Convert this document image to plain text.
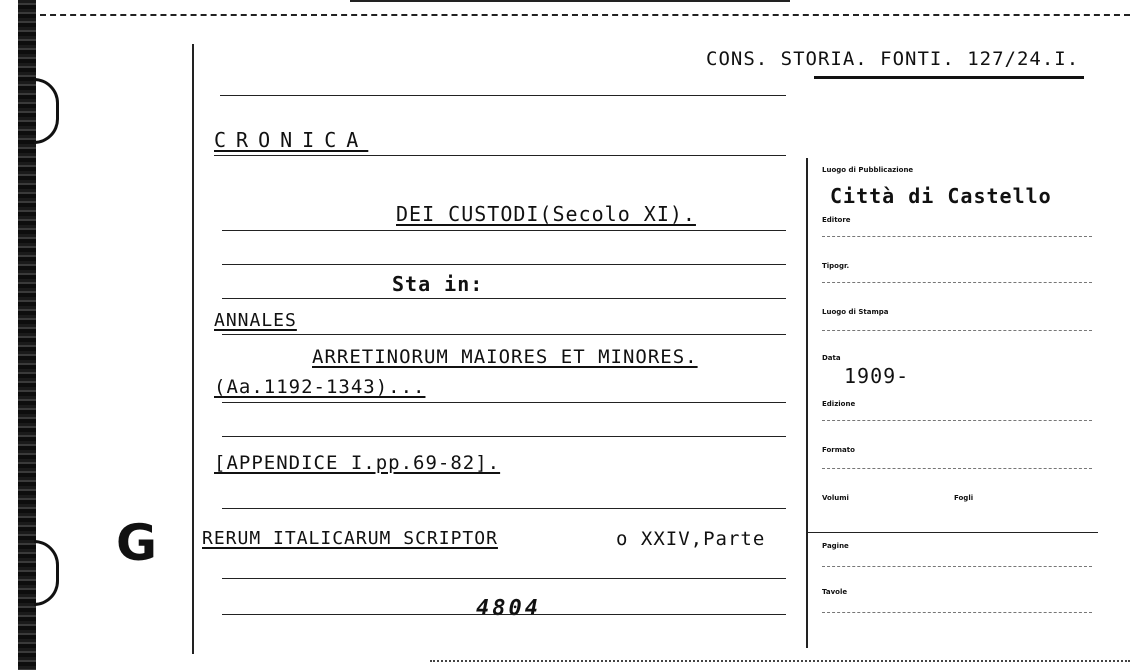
G
CONS. STORIA. FONTI. 127/24.I.
CRONICA
DEI CUSTODI(Secolo XI).
Sta in:
ANNALES
ARRETINORUM MAIORES ET MINORES.
(Aa.1192-1343)...
[APPENDICE I.pp.69-82].
RERUM ITALICARUM SCRIPTOR	o XXIV,Parte
4804
Luogo di Pubblicazione
Città di Castello
Editore
Tipogr.
Luogo di Stampa
Data
1909-
Edizione
Formato
Volumi	Fogli
Pagine
Tavole
